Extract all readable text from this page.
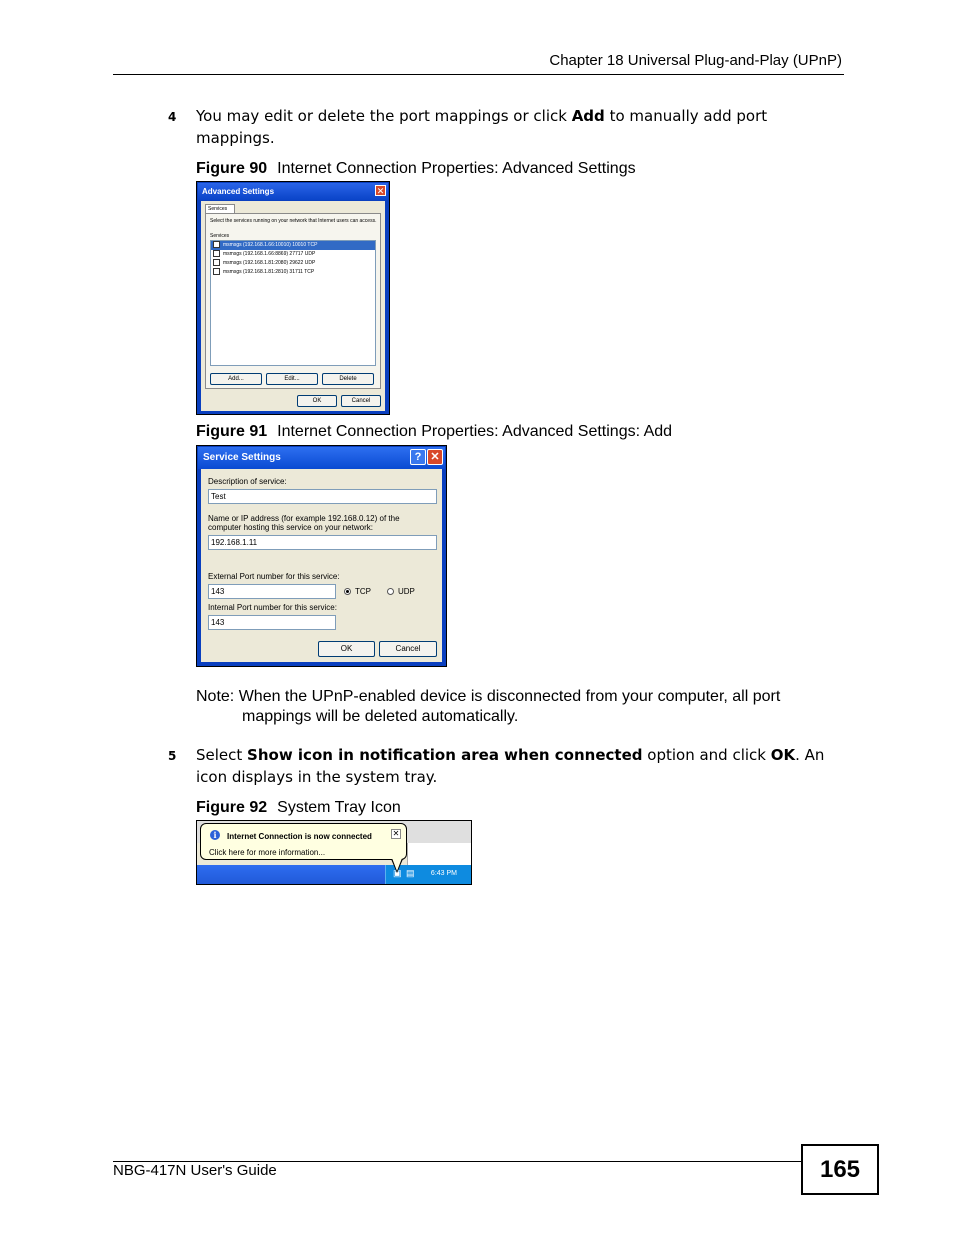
Chapter 18 Universal Plug-and-Play (UPnP)
4 You may edit or delete the port mappings or click Add to manually add port mappings.
Figure 90 Internet Connection Properties: Advanced Settings
Advanced Settings	✕
Services
Select the services running on your network that Internet users can access.
Services
msmsgs (192.168.1.66:10010) 10010 TCP
msmsgs (192.168.1.66:8869) 27717 UDP
msmsgs (192.168.1.81:2080) 29622 UDP
msmsgs (192.168.1.81:2810) 31711 TCP
Add...	Edit...	Delete
OK	Cancel
Figure 91 Internet Connection Properties: Advanced Settings: Add
Service Settings	? ✕
Description of service:
Test
Name or IP address (for example 192.168.0.12) of the
computer hosting this service on your network:
192.168.1.11
External Port number for this service:
143	TCP	UDP
Internal Port number for this service:
143
OK	Cancel
Note: When the UPnP-enabled device is disconnected from your computer, all port
mappings will be deleted automatically.
5 Select Show icon in notification area when connected option and click OK. An icon displays in the system tray.
Figure 92 System Tray Icon
▣ ▤ 6:43 PM
i	Internet Connection is now connected
Click here for more information...
✕
NBG-417N User's Guide	165
